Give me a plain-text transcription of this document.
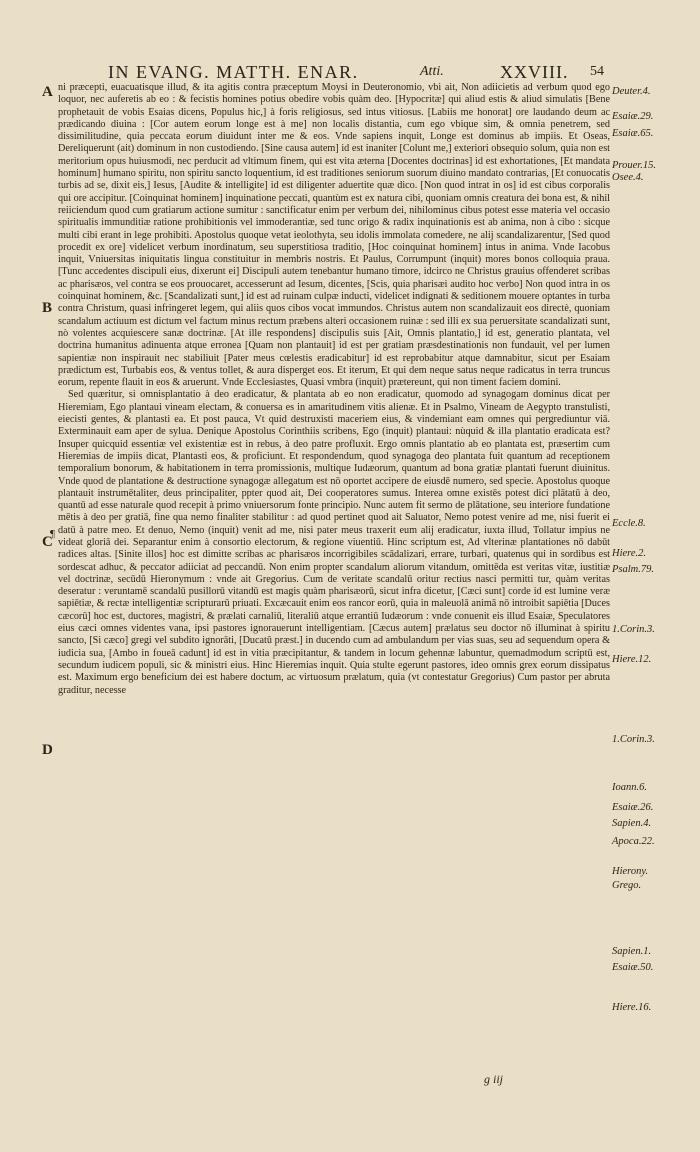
IN EVANG. MATTH. ENAR.	Atti.	XXVIII. 54
A
B
C
D
¶

ni præcepti, euacuatisque illud, & ita agitis contra præceptum Moysi in Deuteronomio, vbi ait, Non adiicietis ad verbum quod ego loquor, nec auferetis ab eo : & fecistis homines potius obedire vobis quàm deo. [Hypocritæ] qui aliud estis & aliud simulatis [Bene prophetauit de vobis Esaias dicens, Populus hic,] à foris religiosus, sed intus vitiosus. [Labiis me honorat] ore laudando deum ac prædicando diuina : [Cor autem eorum longe est à me] non localis distantia, cum ego vbique sim, & omnia penetrem, sed dissimilitudine, quia peccata eorum diuidunt inter me & eos. Vnde sapiens inquit, Longe est dominus ab impiis. Et Oseas, Dereliquerunt (ait) dominum in non custodiendo. [Sine causa autem] id est inaniter [Colunt me,] exteriori obsequio solum, quia non est meritorium opus huiusmodi, nec perducit ad vltimum finem, qui est vita æterna [Docentes doctrinas] id est exhortationes, [Et mandata hominum] humano spiritu, non spiritu sancto loquentium, id est traditiones seniorum suorum diuino mandato contrarias, [Et conuocatis turbis ad se, dixit eis,] Iesus, [Audite & intelligite] id est diligenter aduertite quæ dico. [Non quod intrat in os] id est cibus corporalis qui ore accipitur. [Coinquinat hominem] inquinatione peccati, quantùm est ex natura cibi, quoniam omnis creatura dei bona est, & nihil reiiciendum quod cum gratiarum actione sumitur : sanctificatur enim per verbum dei, nihilominus cibus potest esse materia vel occasio spiritualis immunditiæ ratione prohibitionis vel immoderantiæ, sed tunc origo & radix inquinationis est ab anima, non à cibo : sicque multi cibi erant in lege prohibiti. Apostolus quoque vetat ieolothyta, seu idolis immolata comedere, ne alij scandalizarentur, [Sed quod procedit ex ore] videlicet verbum inordinatum, seu superstitiosa traditio, [Hoc coinquinat hominem] intus in anima. Vnde Iacobus inquit, Vniuersitas iniquitatis lingua constituitur in membris nostris. Et Paulus, Corrumpunt (inquit) mores bonos colloquia praua. [Tunc accedentes discipuli eius, dixerunt ei] Discipuli autem tenebantur humano timore, idcirco ne Christus grauius offenderet scribas ac pharisæos, vel contra se eos prouocaret, accesserunt ad Iesum, dicentes, [Scis, quia pharisæi audito hoc verbo] Non quod intra in os coinquinat hominem, &c. [Scandalizati sunt,] id est ad ruinam culpæ inducti, videlicet indignati & seditionem mouere optantes in turba contra Christum, quasi infringeret legem, qui aliis quos cibos vocat immundos. Christus autem non scandalizauit eos directè, quoniam scandalum actiuum est dictum vel factum minus rectum præbens alteri occasionem ruinæ : sed illi ex sua peruersitate scandalizati sunt, nò volentes acquiescere sanæ doctrinæ. [At ille respondens] discipulis suis [Ait, Omnis plantatio,] id est, generatio plantata, vel doctrina humanitus adinuenta atque erronea [Quam non plantauit] id est per gratiam præsdestinationis non fundauit, vel per lumen sapientiæ non inspirauit nec stabiliuit [Pater meus cœlestis eradicabitur] id est reprobabitur atque damnabitur, sicut per Esaiam prædictum est, Turbabis eos, & ventus tollet, & aura disperget eos. Et iterum, Et qui dem neque satus neque radicatus in terra truncus eorum, repente flauit in eos & aruerunt. Vnde Ecclesiastes, Quasi vmbra (inquit) prætereunt, qui non timent faciem domini.

Sed quæritur, si omnisplantatio à deo eradicatur, & plantata ab eo non eradicatur, quomodo ad synagogam dominus dicat per Hieremiam, Ego plantaui vineam electam, & conuersa es in amaritudinem vitis alienæ. Et in Psalmo, Vineam de Aegypto transtulisti, eiecisti gentes, & plantasti ea. Et post pauca, Vt quid destruxisti maceriem eius, & vindemiant eam omnes qui pergrediuntur viā. Exterminauit eam aper de sylua. Denique Apostolus Corinthiis scribens, Ego (inquit) plantaui: nùquid & illa plantatio eradicata est? Insuper quicquid essentiæ vel existentiæ est in rebus, à deo patre profluxit. Ergo omnis plantatio ab eo plantata est, præsertim cum Hieremias de impiis dicat, Plantasti eos, & proficiunt. Et respondendum, quod synagoga deo plantata fuit quantum ad receptionem temporalium bonorum, & habitationem in terra promissionis, multique Iudæorum, quantum ad bona gratiæ plantati fuerunt diuinitus. Vnde quod de plantatione & destructione synagogæ allegatum est nō oportet accipere de eiusdē numero, sed specie. Apostolus quoque plantauit instrumētaliter, deus principaliter, ppter quod ait, Dei cooperatores sumus. Interea omne existēs potest dici plātatū à deo, quantū ad esse naturale quod recepit à primo vniuersorum fonte principio. Nunc autem fit sermo de plātatione, seu interiore fundatione mētis à deo per gratiā, fine qua nemo finaliter stabilitur : ad quod pertinet quod ait Saluator, Nemo potest venire ad me, nisi fuerit ei datū à patre meo. Et denuo, Nemo (inquit) venit ad me, nisi pater meus traxerit eum alij eradicatur, iuxta illud, Tollatur impius ne videat gloriā dei. Separantur enim à consortio electorum, & regione viuentiū. Hinc scriptum est, Ad vlterinæ plantationes nō dabūt radices altas. [Sinite illos] hoc est dimitte scribas ac pharisæos incorrigibiles scādalizari, errare, turbari, quatenus qui in sordibus est sordescat adhuc, & peccator adiiciat ad peccandū. Non enim propter scandalum aliorum vitandum, omittēda est veritas vitæ, iustitiæ vel doctrinæ, secūdū Hieronymum : vnde ait Gregorius. Cum de veritate scandalū oritur rectius nasci permitti tur, quàm veritas deseratur : veruntamē scandalū pusillorū vitandū est magis quàm pharisæorū, sicut infra dicetur, [Cæci sunt] corde id est lumine veræ sapiētiæ, & rectæ intelligentiæ scripturarū priuati. Excæcauit enim eos rancor eorū, quia in maleuolā animā nō introibit sapiētia [Duces cæcorū] hoc est, ductores, magistri, & prælati carnaliū, literaliū atque errantiū Iudæorum : vnde conuenit eis illud Esaiæ, Speculatores eius cæci omnes videntes vana, ipsi pastores ignorauerunt intelligentiam. [Cæcus autem] prælatus seu doctor nō illuminat à spiritu sancto, [Si cæco] gregi vel subdito ignorāti, [Ducatū præst.] in ducendo cum ad ambulandum per vias suas, seu ad sequendum opera & iudicia sua, [Ambo in foueā cadunt] id est in vitia præcipitantur, & tandem in locum gehennæ labuntur, quemadmodum scriptū est, secundum iudicem populi, sic & ministri eius. Hinc Hieremias inquit. Quia stulte egerunt pastores, ideo omnis grex eorum dissipatus est. Maximum ergo beneficium dei est habere doctum, ac virtuosum prælatum, quia (vt contestatur Gregorius) Cum pastor per abruta graditur, necesse

Deuter.4.
Esaiæ.29.
Esaiæ.65.
Prouer.15.
Osee.4.
Eccle.8.
Hiere.2.
Psalm.79.
1.Corin.3.
Hiere.12.
1.Corin.3.
Ioann.6.
Esaiæ.26.
Sapien.4.
Apoca.22.
Hierony.
Grego.
Sapien.1.
Esaiæ.50.
Hiere.16.
g iij
